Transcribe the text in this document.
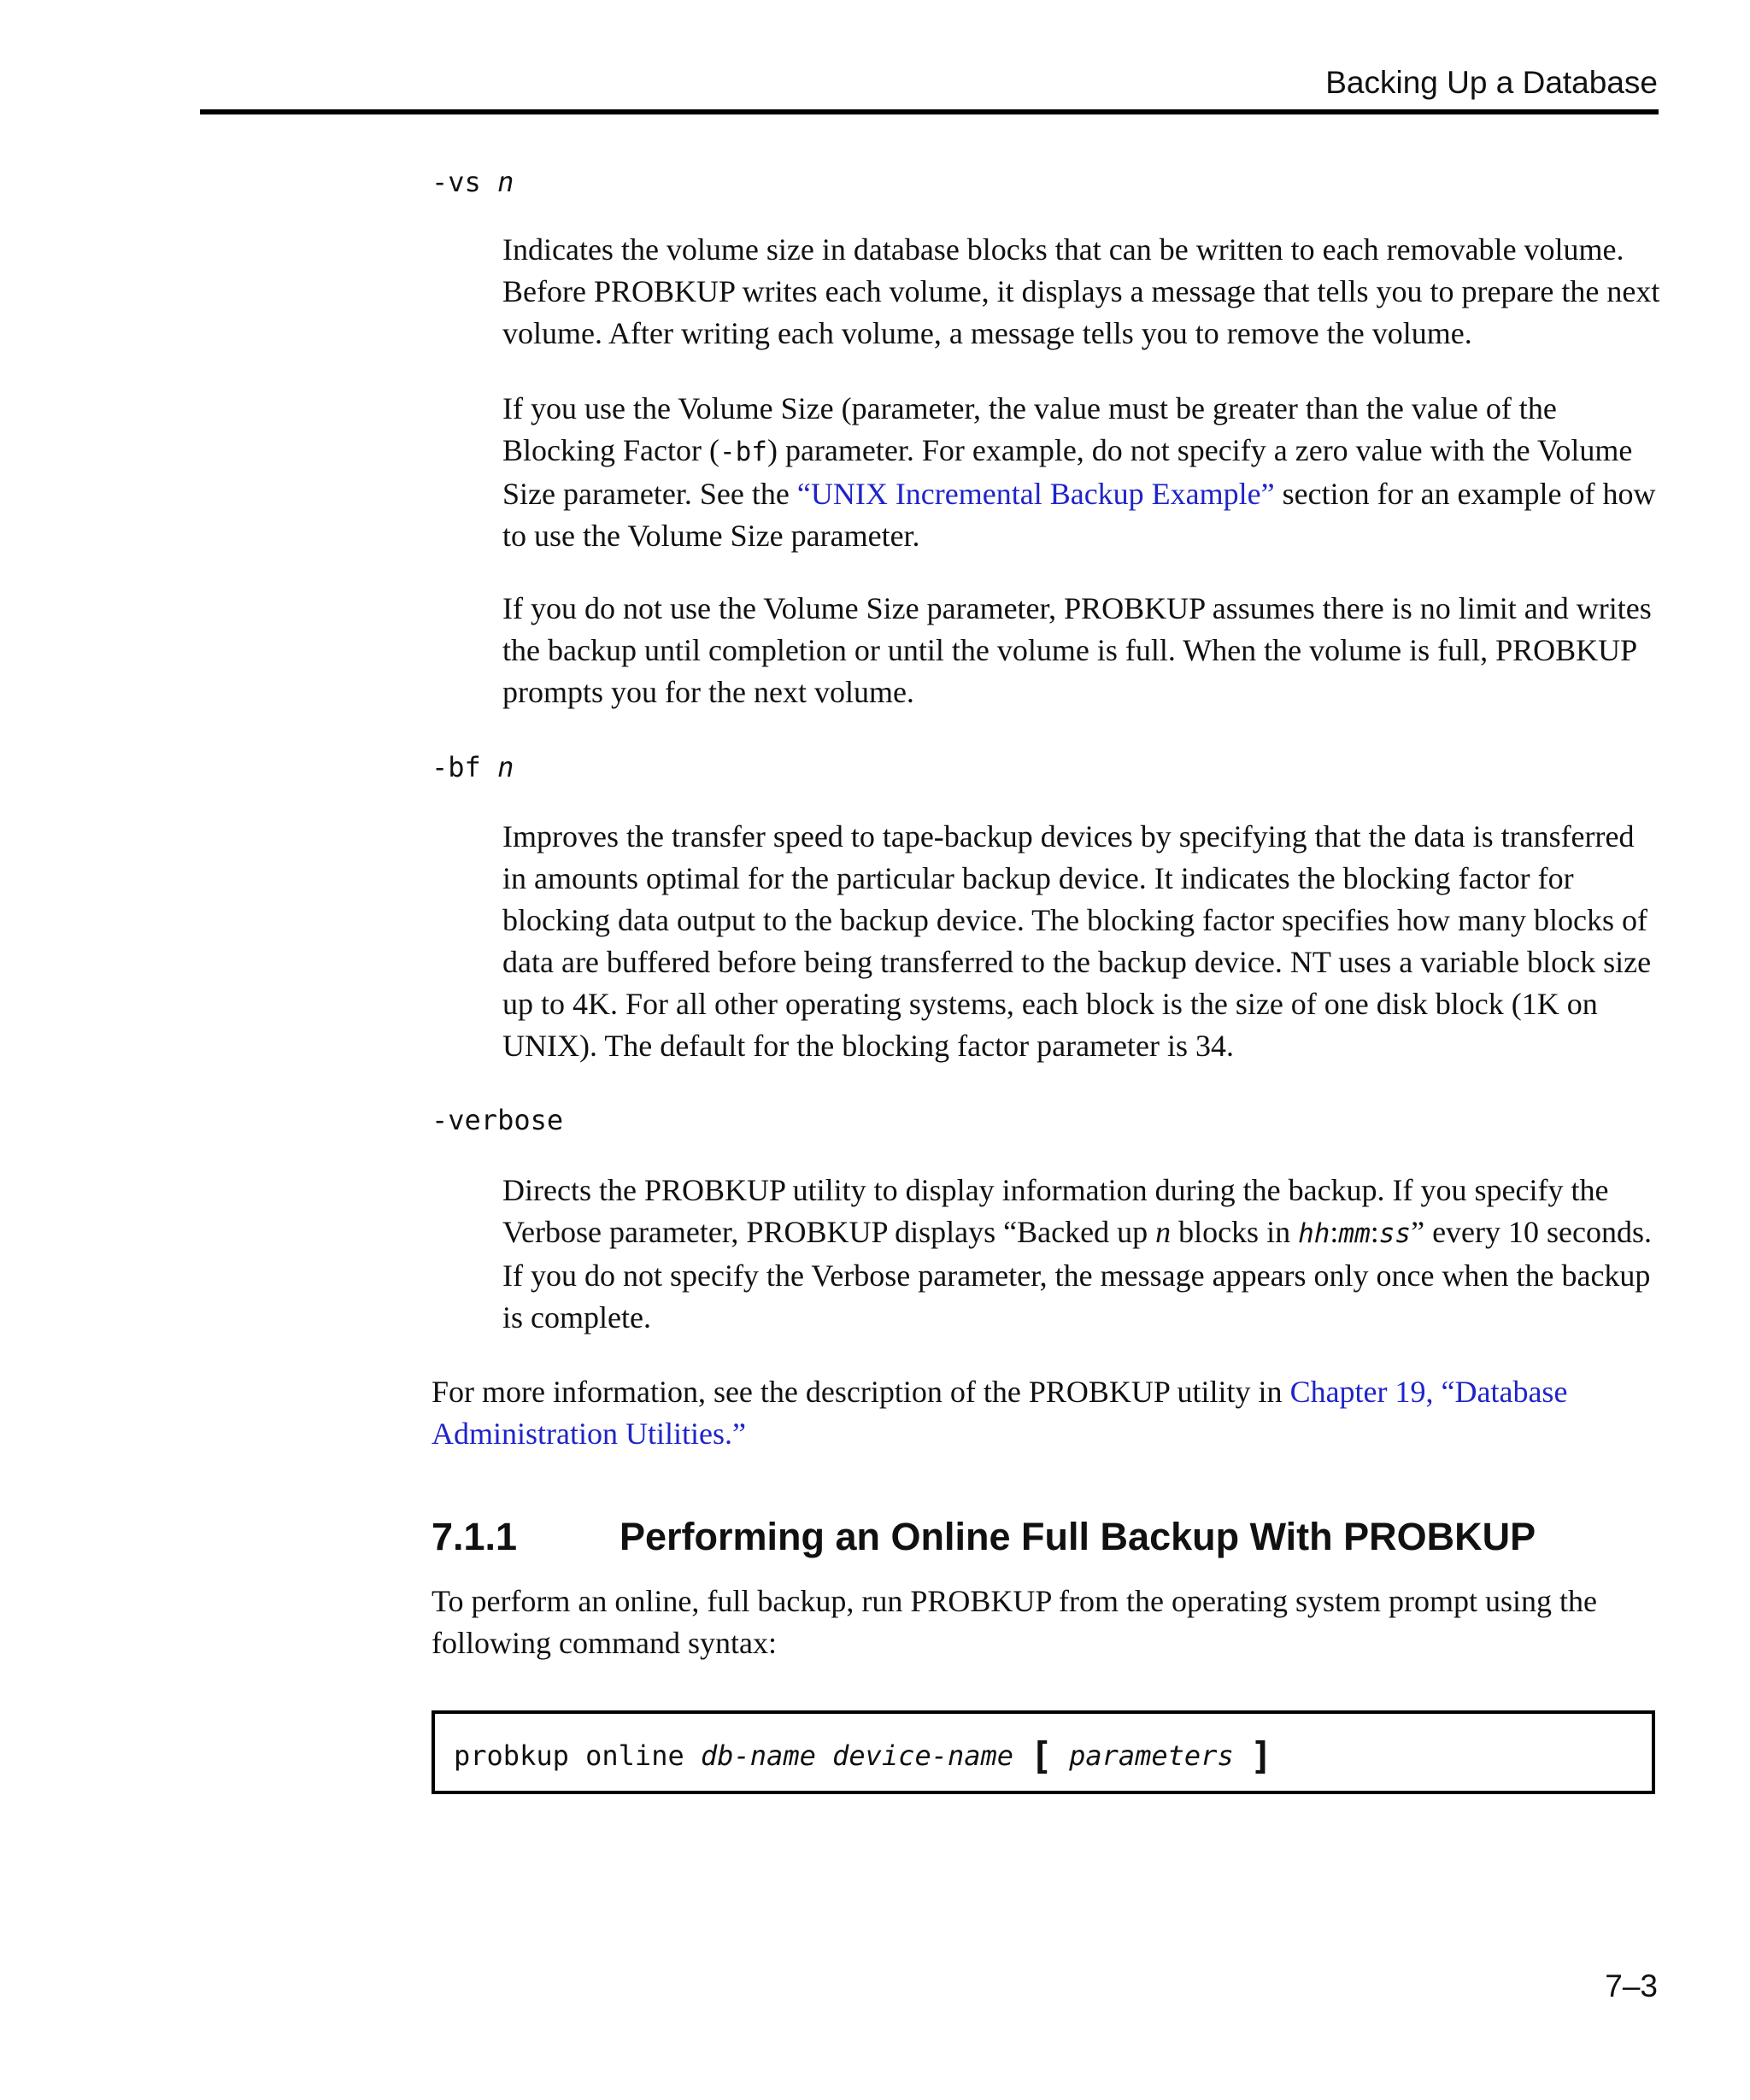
Backing Up a Database
-vs n

Indicates the volume size in database blocks that can be written to each removable volume. Before PROBKUP writes each volume, it displays a message that tells you to prepare the next volume. After writing each volume, a message tells you to remove the volume.

If you use the Volume Size (parameter, the value must be greater than the value of the Blocking Factor (-bf) parameter. For example, do not specify a zero value with the Volume Size parameter. See the “UNIX Incremental Backup Example” section for an example of how to use the Volume Size parameter.

If you do not use the Volume Size parameter, PROBKUP assumes there is no limit and writes the backup until completion or until the volume is full. When the volume is full, PROBKUP prompts you for the next volume.

-bf n

Improves the transfer speed to tape-backup devices by specifying that the data is transferred in amounts optimal for the particular backup device. It indicates the blocking factor for blocking data output to the backup device. The blocking factor specifies how many blocks of data are buffered before being transferred to the backup device. NT uses a variable block size up to 4K. For all other operating systems, each block is the size of one disk block (1K on UNIX). The default for the blocking factor parameter is 34.

-verbose

Directs the PROBKUP utility to display information during the backup. If you specify the Verbose parameter, PROBKUP displays “Backed up n blocks in hh:mm:ss” every 10 seconds. If you do not specify the Verbose parameter, the message appears only once when the backup is complete.

For more information, see the description of the PROBKUP utility in Chapter 19, “Database Administration Utilities.”

7.1.1	Performing an Online Full Backup With PROBKUP

To perform an online, full backup, run PROBKUP from the operating system prompt using the following command syntax:

probkup online db-name device-name [ parameters ]
7–3
